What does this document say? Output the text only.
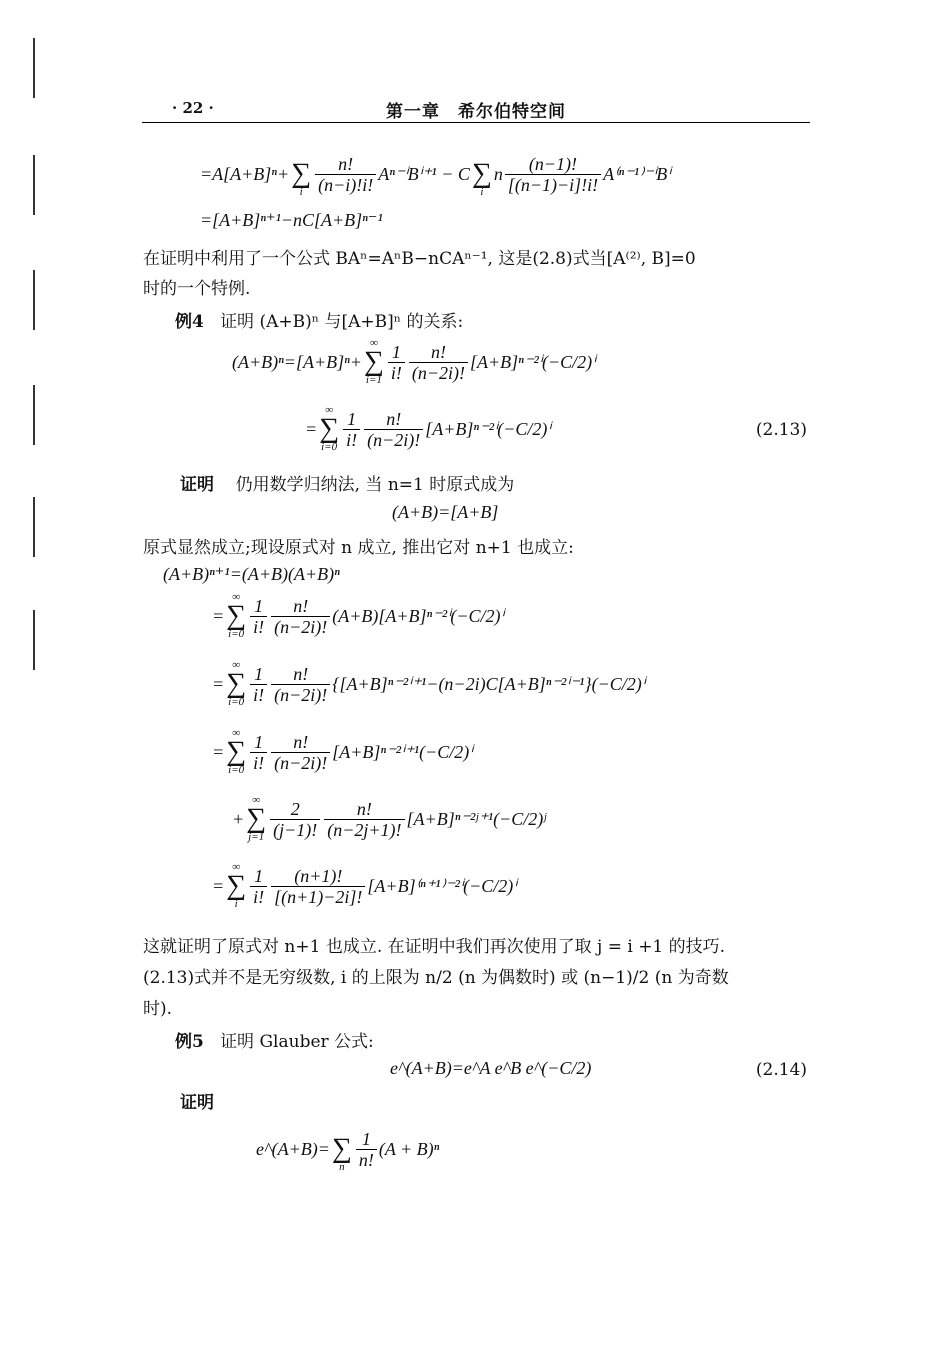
· 22 ·	第一章　希尔伯特空间
=A[A+B]ⁿ+
∑
i $\frac{n!}{(n-i)!i!} A^{n-i}B^{i+1} - C$
∑
i
n $\frac{(n-1)!}{[(n-1)-i]!i!} A^{(n-1)-i}B^i$
=[A+B]ⁿ⁺¹−nC[A+B]ⁿ⁻¹
在证明中利用了一个公式 BAⁿ=AⁿB−nCAⁿ⁻¹, 这是(2.8)式当[A⁽²⁾, B]=0
时的一个特例.
例4 证明 (A+B)ⁿ 与[A+B]ⁿ 的关系:
(A+B)ⁿ=[A+B]ⁿ+
∞
∑
$i=1 \frac{1}{i!} \frac{n!}{(n-2i)!} [A+B]^{n-2i}(-C/2)^i$
=
∞
∑
$i=0 \frac{1}{i!} \frac{n!}{(n-2i)!} [A+B]^{n-2i}(-C/2)^i$	(2.13)
证明 仍用数学归纳法, 当 n=1 时原式成为
(A+B)=[A+B]
原式显然成立;现设原式对 n 成立, 推出它对 n+1 也成立:
(A+B)ⁿ⁺¹=(A+B)(A+B)ⁿ
=
∞
∑
$i=0 \frac{1}{i!} \frac{n!}{(n-2i)!} (A+B)[A+B]^{n-2i}(-C/2)^i$
=
∞
∑
$i=0 \frac{1}{i!} \frac{n!}{(n-2i)!} \{[A+B]^{n-2i+1}-(n-2i)C[A+B]^{n-2i-1}\}(-C/2)^i$
=
∞
∑
$i=0 \frac{1}{i!} \frac{n!}{(n-2i)!} [A+B]^{n-2i+1}(-C/2)^i$
+
∞
∑
$j=1 \frac{2}{(j-1)!} \frac{n!}{(n-2j+1)!}$ [A+B]ⁿ⁻²ʲ⁺¹(−C/2)ʲ
=
∞
∑
i $\frac{1}{i!} \frac{(n+1)!}{[(n+1)-2i]!} [A+B]^{(n+1)-2i}(-C/2)^i$
这就证明了原式对 n+1 也成立. 在证明中我们再次使用了取 j = i +1 的技巧.
(2.13)式并不是无穷级数, i 的上限为 n/2 (n 为偶数时) 或 (n−1)/2 (n 为奇数
时).
例5 证明 Glauber 公式:
e^(A+B)=e^A e^B e^(−C/2)	(2.14)
证明
e^(A+B)=
∑
n $\frac{1}{n!} (A + B)^n$
